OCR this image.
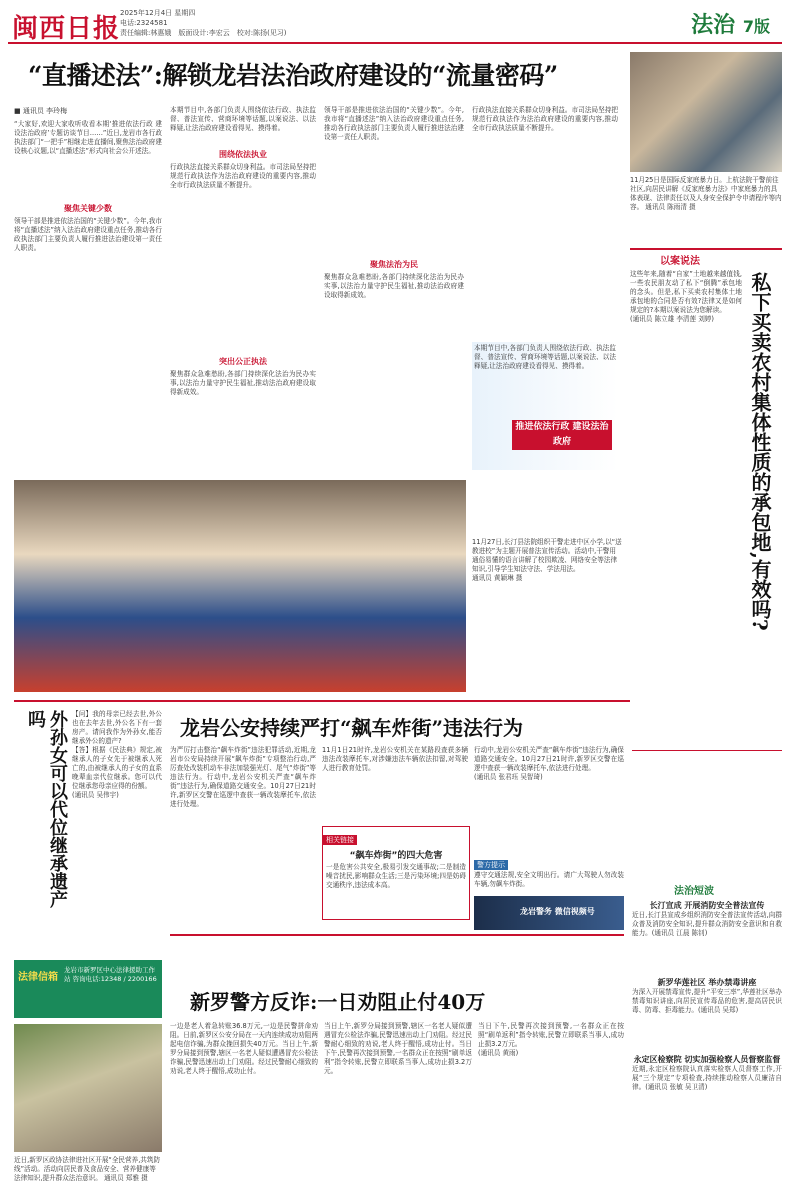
闽西日报
2025年12月4日 星期四
电话:2324581
责任编辑:林惠娥　 版面设计:李宏云　 校对:陈扬(见习)	法治 7版
“直播述法”:解锁龙岩法治政府建设的“流量密码”
■ 通讯员 李玲梅
“大家好,欢迎大家收听收看本期‘推进依法行政 建设法治政府’专题访谈节目……”近日,龙岩市各行政执法部门“一把手”相继走进直播间,聚焦法治政府建设核心议题,以“直播述法”形式向社会公开述法。
聚焦关键少数
领导干部是推进依法治国的“关键少数”。今年,我市将“直播述法”纳入法治政府建设重点任务,推动各行政执法部门主要负责人履行推进法治建设第一责任人职责。
本期节目中,各部门负责人围绕依法行政、执法监督、普法宣传、营商环境等话题,以案说法、以法释疑,让法治政府建设看得见、摸得着。
围绕依法执业
行政执法直接关系群众切身利益。市司法局坚持把规范行政执法作为法治政府建设的重要内容,推动全市行政执法质量不断提升。
突出公正执法
聚焦群众急难愁盼,各部门持续深化法治为民办实事,以法治力量守护民生福祉,推动法治政府建设取得新成效。
领导干部是推进依法治国的“关键少数”。今年,我市将“直播述法”纳入法治政府建设重点任务,推动各行政执法部门主要负责人履行推进法治建设第一责任人职责。
聚焦法治为民
聚焦群众急难愁盼,各部门持续深化法治为民办实事,以法治力量守护民生福祉,推动法治政府建设取得新成效。
行政执法直接关系群众切身利益。市司法局坚持把规范行政执法作为法治政府建设的重要内容,推动全市行政执法质量不断提升。
本期节目中,各部门负责人围绕依法行政、执法监督、普法宣传、营商环境等话题,以案说法、以法释疑,让法治政府建设看得见、摸得着。
推进依法行政 建设法治政府
11月25日是国际反家庭暴力日。上杭法院干警前往社区,向居民讲解《反家庭暴力法》中家庭暴力的具体表现、法律责任以及人身安全保护令申请程序等内容。 通讯员 陈雨清 摄
以案说法
私下买卖农村集体性质的承包地,有效吗?
这些年来,随着“自家”土地越来越值钱,一些农民朋友动了私下“倒腾”承包地的念头。但是,私下买卖农村集体土地承包地的合同是否有效?法律又是如何规定的?本期以案说法为您解读。
(通讯员 陈立雄 李清莲 刘婷)
11月27日,长汀县法院组织干警走进中区小学,以“送教进校”为主题开展普法宣传活动。活动中,干警用通俗易懂的语言讲解了校园欺凌、网络安全等法律知识,引导学生知法守法、学法用法。
通讯员 黄颖琳 摄
外孙女可以代位继承遗产吗	【问】我的母亲已经去世,外公也在去年去世,外公名下有一套房产。请问我作为外孙女,能否继承外公的遗产?
【答】根据《民法典》规定,被继承人的子女先于被继承人死亡的,由被继承人的子女的直系晚辈血亲代位继承。您可以代位继承您母亲应得的份额。
(通讯员 吴伟宇)
法律信箱
龙岩市新罗区中心法律援助工作站 咨询电话:12348 / 2200166
近日,新罗区政协法律进社区开展“全民营养,共筑防线”活动。活动向居民普及食品安全、营养健康等法律知识,提升群众法治意识。 通讯员 郑雅 摄
龙岩公安持续严打“飙车炸街”违法行为
为严厉打击整治“飙车炸街”违法犯罪活动,近期,龙岩市公安局持续开展“飙车炸街”专项整治行动,严厉查处改装机动车非法加装强光灯、尾气“炸街”等违法行为。行动中,龙岩公安机关严查“飙车炸街”违法行为,确保道路交通安全。10月27日21时许,新罗区交警在巡逻中查获一辆改装摩托车,依法进行处理。
11月1日21时许,龙岩公安机关在某路段查获多辆违法改装摩托车,对涉嫌违法车辆依法扣留,对驾驶人进行教育处罚。
相关链接
“飙车炸街”的四大危害
一是危害公共安全,极易引发交通事故;二是制造噪音扰民,影响群众生活;三是污染环境;四是妨碍交通秩序,违法成本高。
行动中,龙岩公安机关严查“飙车炸街”违法行为,确保道路交通安全。10月27日21时许,新罗区交警在巡逻中查获一辆改装摩托车,依法进行处理。
(通讯员 张君珏 吴智琦)
警方提示
遵守交通法规,安全文明出行。请广大驾驶人勿改装车辆,勿飙车炸街。
龙岩警务 微信视频号
新罗警方反诈:一日劝阻止付40万
一边是老人着急转账36.8万元,一边是民警拼命劝阻。日前,新罗区公安分局在一天内连续成功劝阻两起电信诈骗,为群众挽回损失40万元。当日上午,新罗分局接到预警,辖区一名老人疑似遭遇冒充公检法诈骗,民警迅速出动上门劝阻。经过民警耐心细致的劝说,老人终于醒悟,成功止付。
当日上午,新罗分局接到预警,辖区一名老人疑似遭遇冒充公检法诈骗,民警迅速出动上门劝阻。经过民警耐心细致的劝说,老人终于醒悟,成功止付。当日下午,民警再次接到预警,一名群众正在按照“刷单返利”指令转账,民警立即联系当事人,成功止损3.2万元。
当日下午,民警再次接到预警,一名群众正在按照“刷单返利”指令转账,民警立即联系当事人,成功止损3.2万元。
(通讯员 黄雨)
法治短波
长汀宣成 开展消防安全普法宣传
近日,长汀县宣成乡组织消防安全普法宣传活动,向群众普及消防安全知识,提升群众消防安全意识和自救能力。(通讯员 江晨 陈钊)
新罗华莲社区 举办禁毒讲座
为深入开展禁毒宣传,提升“平安三率”,华莲社区举办禁毒知识讲座,向居民宣传毒品的危害,提高居民识毒、防毒、拒毒能力。(通讯员 吴郑)
永定区检察院 切实加强检察人员督察监督
近期,永定区检察院认真落实检察人员督察工作,开展“三个规定”专项检查,持续推动检察人员廉洁自律。(通讯员 张敏 吴卫清)
